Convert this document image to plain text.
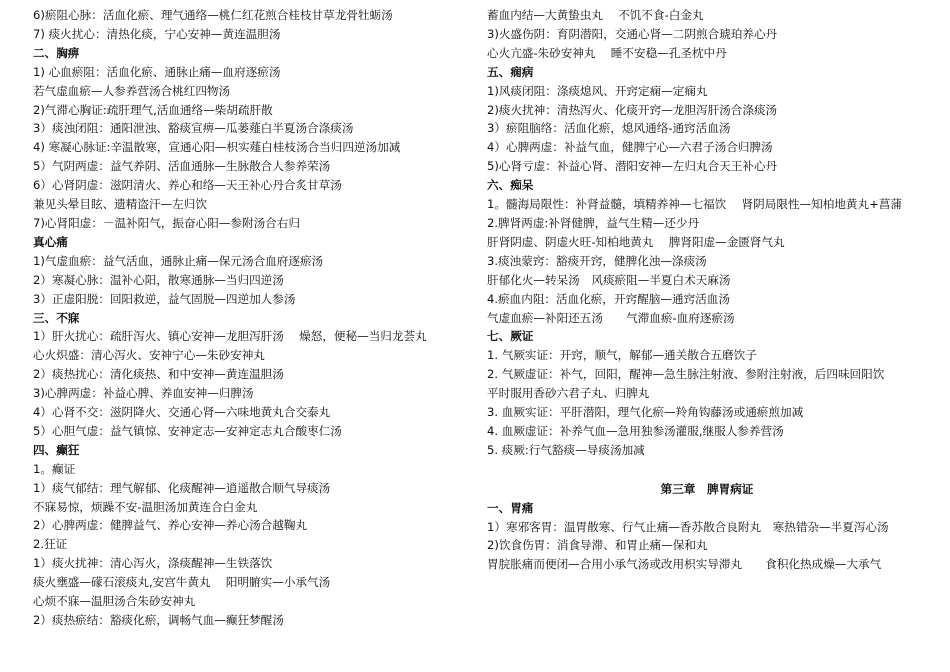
6)瘀阻心脉：活血化瘀、理气通络—桃仁红花煎合桂枝甘草龙骨牡蛎汤
7) 痰火扰心：清热化痰，宁心安神—黄连温胆汤
二、胸痹
1) 心血瘀阻：活血化瘀、通脉止痛—血府逐瘀汤
若气虚血瘀—人参养营汤合桃红四物汤
2)气滞心胸证:疏肝理气,活血通络—柴胡疏肝散
3）痰浊闭阻：通阳泄浊、豁痰宣痹—瓜蒌薤白半夏汤合涤痰汤
4) 寒凝心脉证:辛温散寒，宣通心阳—枳实薤白桂枝汤合当归四逆汤加减
5）气阴两虚：益气养阴、活血通脉—生脉散合人参养荣汤
6）心肾阴虚：滋阴清火、养心和络—天王补心丹合炙甘草汤
兼见头晕目眩、遗精盗汗—左归饮
7)心肾阳虚：－温补阳气，振奋心阳—参附汤合右归
真心痛
1)气虚血瘀：益气活血，通脉止痛—保元汤合血府逐瘀汤
2）寒凝心脉：温补心阳，散寒通脉—当归四逆汤
3）正虚阳脱：回阳救逆，益气固脱—四逆加人参汤
三、不寐
1）肝火扰心：疏肝泻火、镇心安神—龙胆泻肝汤　 燥怒，便秘—当归龙荟丸
心火炽盛：清心泻火、安神宁心—朱砂安神丸
2）痰热扰心：清化痰热、和中安神—黄连温胆汤
3)心脾两虚：补益心脾、养血安神—归脾汤
4）心肾不交：滋阴降火、交通心肾—六味地黄丸合交泰丸
5）心胆气虚：益气镇惊、安神定志—安神定志丸合酸枣仁汤
四、癫狂
1。癫证
1）痰气郁结：理气解郁、化痰醒神—逍遥散合顺气导痰汤
不寐易惊，烦躁不安-温胆汤加黄连合白金丸
2）心脾两虚：健脾益气、养心安神—养心汤合越鞠丸
2.狂证
1）痰火扰神：清心泻火，涤痰醒神—生铁落饮
痰火壅盛—礞石滚痰丸,安宫牛黄丸　 阳明腑实—小承气汤
心烦不寐—温胆汤合朱砂安神丸
2）痰热瘀结：豁痰化瘀，调畅气血—癫狂梦醒汤
蓄血内结—大黄蛰虫丸　 不饥不食-白金丸
3)火盛伤阴：育阴潜阳，交通心肾—二阴煎合琥珀养心丹
心火亢盛-朱砂安神丸　 睡不安稳—孔圣枕中丹
五、痫病
1)风痰闭阻：涤痰熄风、开窍定痫—定痫丸
2)痰火扰神：清热泻火、化痰开窍—龙胆泻肝汤合涤痰汤
3）瘀阻脑络：活血化瘀，熄风通络-通窍活血汤
4）心脾两虚：补益气血，健脾宁心—六君子汤合归脾汤
5)心肾亏虚：补益心肾、潜阳安神—左归丸合天王补心丹
六、痴呆
1。髓海局限性：补肾益髓，填精养神—七福饮　 肾阴局限性—知柏地黄丸+菖蒲
2.脾肾两虚:补肾健脾，益气生精—还少丹
肝肾阴虚、阴虚火旺-知柏地黄丸　 脾肾阳虚—金匮肾气丸
3.痰浊蒙窍：豁痰开窍，健脾化浊—涤痰汤
肝郁化火—转呆汤　风痰瘀阻—半夏白术天麻汤
4.瘀血内阻：活血化瘀，开窍醒脑—通窍活血汤
气虚血瘀—补阳还五汤　　气滞血瘀-血府逐瘀汤
七、厥证
1. 气厥实证：开窍，顺气，解郁—通关散合五磨饮子
2. 气厥虚证：补气，回阳，醒神—急生脉注射液、参附注射液，后四味回阳饮
平时服用香砂六君子丸、归脾丸
3. 血厥实证：平肝潜阳，理气化瘀—羚角钩藤汤或通瘀煎加减
4. 血厥虚证：补养气血—急用独参汤灌服,继服人参养营汤
5. 痰厥:行气豁痰—导痰汤加减
第三章　脾胃病证
一、胃痛
1）寒邪客胃：温胃散寒、行气止痛—香苏散合良附丸　寒热错杂—半夏泻心汤
2)饮食伤胃：消食导滞、和胃止痛—保和丸
胃脘胀痛而便闭—合用小承气汤或改用枳实导滞丸　　食积化热成燥—大承气
